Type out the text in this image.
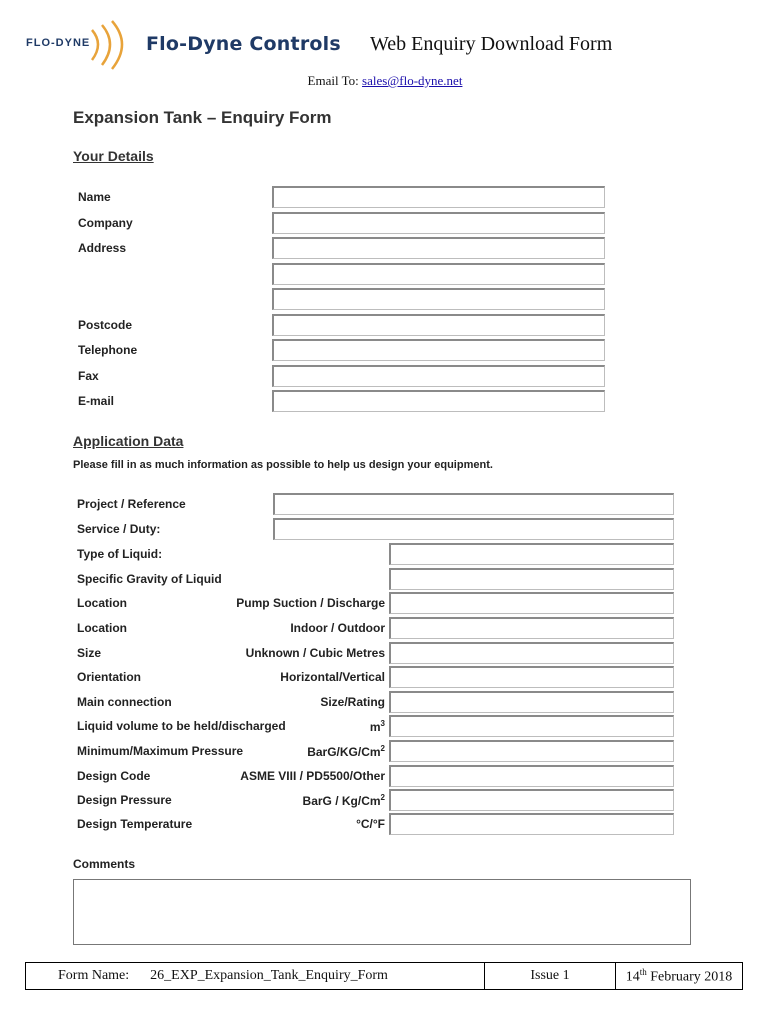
FLO-DYNE	Flo-Dyne Controls Web Enquiry Download Form
Email To: sales@flo-dyne.net
Expansion Tank – Enquiry Form
Your Details
Name
Company
Address
Postcode
Telephone
Fax
E-mail
Application Data
Please fill in as much information as possible to help us design your equipment.
Project / Reference
Service / Duty:
Type of Liquid:
Specific Gravity of Liquid
Location	Pump Suction / Discharge
Location	Indoor / Outdoor
Size	Unknown / Cubic Metres
Orientation	Horizontal/Vertical
Main connection	Size/Rating
Liquid volume to be held/discharged	$m^3$
Minimum/Maximum Pressure	BarG/KG/Cm$^2$
Design Code	ASME VIII / PD5500/Other
Design Pressure	BarG / Kg/Cm$^2$
Design Temperature	°C/°F
Comments
Form Name: 26_EXP_Expansion_Tank_Enquiry_Form	Issue 1	14th February 2018
